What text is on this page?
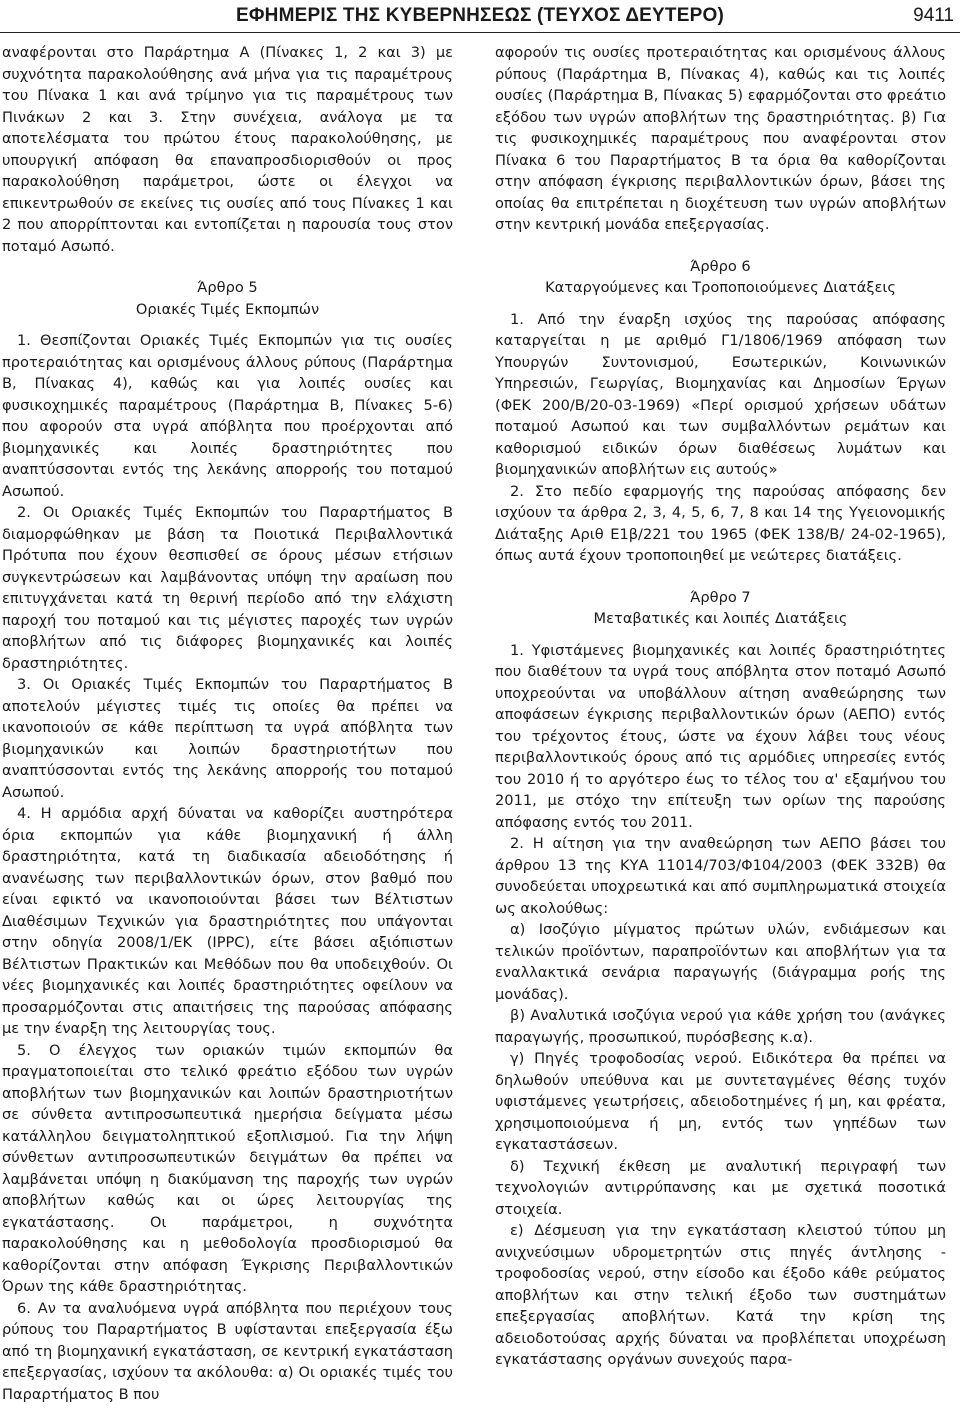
ΕΦΗΜΕΡΙΣ ΤΗΣ ΚΥΒΕΡΝΗΣΕΩΣ (ΤΕΥΧΟΣ ΔΕΥΤΕΡΟ)	9411

αναφέρονται στο Παράρτημα Α (Πίνακες 1, 2 και 3) με συχνότητα παρακολούθησης ανά μήνα για τις παραμέτρους του Πίνακα 1 και ανά τρίμηνο για τις παραμέτρους των Πινάκων 2 και 3. Στην συνέχεια, ανάλογα με τα αποτελέσματα του πρώτου έτους παρακολούθησης, με υπουργική απόφαση θα επαναπροσδιορισθούν οι προς παρακολούθηση παράμετροι, ώστε οι έλεγχοι να επικεντρωθούν σε εκείνες τις ουσίες από τους Πίνακες 1 και 2 που απορρίπτονται και εντοπίζεται η παρουσία τους στον ποταμό Ασωπό.

Άρθρο 5

Οριακές Τιμές Εκπομπών

1. Θεσπίζονται Οριακές Τιμές Εκπομπών για τις ουσίες προτεραιότητας και ορισμένους άλλους ρύπους (Παράρτημα Β, Πίνακας 4), καθώς και για λοιπές ουσίες και φυσικοχημικές παραμέτρους (Παράρτημα Β, Πίνακες 5-6) που αφορούν στα υγρά απόβλητα που προέρχονται από βιομηχανικές και λοιπές δραστηριότητες που αναπτύσσονται εντός της λεκάνης απορροής του ποταμού Ασωπού.

2. Οι Οριακές Τιμές Εκπομπών του Παραρτήματος Β διαμορφώθηκαν με βάση τα Ποιοτικά Περιβαλλοντικά Πρότυπα που έχουν θεσπισθεί σε όρους μέσων ετήσιων συγκεντρώσεων και λαμβάνοντας υπόψη την αραίωση που επιτυγχάνεται κατά τη θερινή περίοδο από την ελάχιστη παροχή του ποταμού και τις μέγιστες παροχές των υγρών αποβλήτων από τις διάφορες βιομηχανικές και λοιπές δραστηριότητες.

3. Οι Οριακές Τιμές Εκπομπών του Παραρτήματος Β αποτελούν μέγιστες τιμές τις οποίες θα πρέπει να ικανοποιούν σε κάθε περίπτωση τα υγρά απόβλητα των βιομηχανικών και λοιπών δραστηριοτήτων που αναπτύσσονται εντός της λεκάνης απορροής του ποταμού Ασωπού.

4. Η αρμόδια αρχή δύναται να καθορίζει αυστηρότερα όρια εκπομπών για κάθε βιομηχανική ή άλλη δραστηριότητα, κατά τη διαδικασία αδειοδότησης ή ανανέωσης των περιβαλλοντικών όρων, στον βαθμό που είναι εφικτό να ικανοποιούνται βάσει των Βέλτιστων Διαθέσιμων Τεχνικών για δραστηριότητες που υπάγονται στην οδηγία 2008/1/ΕΚ (IPPC), είτε βάσει αξιόπιστων Βέλτιστων Πρακτικών και Μεθόδων που θα υποδειχθούν. Οι νέες βιομηχανικές και λοιπές δραστηριότητες οφείλουν να προσαρμόζονται στις απαιτήσεις της παρούσας απόφασης με την έναρξη της λειτουργίας τους.

5. Ο έλεγχος των οριακών τιμών εκπομπών θα πραγματοποιείται στο τελικό φρεάτιο εξόδου των υγρών αποβλήτων των βιομηχανικών και λοιπών δραστηριοτήτων σε σύνθετα αντιπροσωπευτικά ημερήσια δείγματα μέσω κατάλληλου δειγματοληπτικού εξοπλισμού. Για την λήψη σύνθετων αντιπροσωπευτικών δειγμάτων θα πρέπει να λαμβάνεται υπόψη η διακύμανση της παροχής των υγρών αποβλήτων καθώς και οι ώρες λειτουργίας της εγκατάστασης. Οι παράμετροι, η συχνότητα παρακολούθησης και η μεθοδολογία προσδιορισμού θα καθορίζονται στην απόφαση Έγκρισης Περιβαλλοντικών Όρων της κάθε δραστηριότητας.

6. Αν τα αναλυόμενα υγρά απόβλητα που περιέχουν τους ρύπους του Παραρτήματος Β υφίστανται επεξεργασία έξω από τη βιομηχανική εγκατάσταση, σε κεντρική εγκατάσταση επεξεργασίας, ισχύουν τα ακόλουθα: α) Οι οριακές τιμές του Παραρτήματος Β που

αφορούν τις ουσίες προτεραιότητας και ορισμένους άλλους ρύπους (Παράρτημα Β, Πίνακας 4), καθώς και τις λοιπές ουσίες (Παράρτημα Β, Πίνακας 5) εφαρμόζονται στο φρεάτιο εξόδου των υγρών αποβλήτων της δραστηριότητας. β) Για τις φυσικοχημικές παραμέτρους που αναφέρονται στον Πίνακα 6 του Παραρτήματος Β τα όρια θα καθορίζονται στην απόφαση έγκρισης περιβαλλοντικών όρων, βάσει της οποίας θα επιτρέπεται η διοχέτευση των υγρών αποβλήτων στην κεντρική μονάδα επεξεργασίας.

Άρθρο 6

Καταργούμενες και Τροποποιούμενες Διατάξεις

1. Από την έναρξη ισχύος της παρούσας απόφασης καταργείται η με αριθμό Γ1/1806/1969 απόφαση των Υπουργών Συντονισμού, Εσωτερικών, Κοινωνικών Υπηρεσιών, Γεωργίας, Βιομηχανίας και Δημοσίων Έργων (ΦΕΚ 200/Β/20-03-1969) «Περί ορισμού χρήσεων υδάτων ποταμού Ασωπού και των συμβαλλόντων ρεμάτων και καθορισμού ειδικών όρων διαθέσεως λυμάτων και βιομηχανικών αποβλήτων εις αυτούς»

2. Στο πεδίο εφαρμογής της παρούσας απόφασης δεν ισχύουν τα άρθρα 2, 3, 4, 5, 6, 7, 8 και 14 της Υγειονομικής Διάταξης Αριθ Ε1β/221 του 1965 (ΦΕΚ 138/Β/ 24-02-1965), όπως αυτά έχουν τροποποιηθεί με νεώτερες διατάξεις.

Άρθρο 7

Μεταβατικές και λοιπές Διατάξεις

1. Υφιστάμενες βιομηχανικές και λοιπές δραστηριότητες που διαθέτουν τα υγρά τους απόβλητα στον ποταμό Ασωπό υποχρεούνται να υποβάλλουν αίτηση αναθεώρησης των αποφάσεων έγκρισης περιβαλλοντικών όρων (ΑΕΠΟ) εντός του τρέχοντος έτους, ώστε να έχουν λάβει τους νέους περιβαλλοντικούς όρους από τις αρμόδιες υπηρεσίες εντός του 2010 ή το αργότερο έως το τέλος του α' εξαμήνου του 2011, με στόχο την επίτευξη των ορίων της παρούσης απόφασης εντός του 2011.

2. Η αίτηση για την αναθεώρηση των ΑΕΠΟ βάσει του άρθρου 13 της ΚΥΑ 11014/703/Φ104/2003 (ΦΕΚ 332Β) θα συνοδεύεται υποχρεωτικά και από συμπληρωματικά στοιχεία ως ακολούθως:

α) Ισοζύγιο μίγματος πρώτων υλών, ενδιάμεσων και τελικών προϊόντων, παραπροϊόντων και αποβλήτων για τα εναλλακτικά σενάρια παραγωγής (διάγραμμα ροής της μονάδας).

β) Αναλυτικά ισοζύγια νερού για κάθε χρήση του (ανάγκες παραγωγής, προσωπικού, πυρόσβεσης κ.α).

γ) Πηγές τροφοδοσίας νερού. Ειδικότερα θα πρέπει να δηλωθούν υπεύθυνα και με συντεταγμένες θέσης τυχόν υφιστάμενες γεωτρήσεις, αδειοδοτημένες ή μη, και φρέατα, χρησιμοποιούμενα ή μη, εντός των γηπέδων των εγκαταστάσεων.

δ) Τεχνική έκθεση με αναλυτική περιγραφή των τεχνολογιών αντιρρύπανσης και με σχετικά ποσοτικά στοιχεία.

ε) Δέσμευση για την εγκατάσταση κλειστού τύπου μη ανιχνεύσιμων υδρομετρητών στις πηγές άντλησης - τροφοδοσίας νερού, στην είσοδο και έξοδο κάθε ρεύματος αποβλήτων και στην τελική έξοδο των συστημάτων επεξεργασίας αποβλήτων. Κατά την κρίση της αδειοδοτούσας αρχής δύναται να προβλέπεται υποχρέωση εγκατάστασης οργάνων συνεχούς παρα-
